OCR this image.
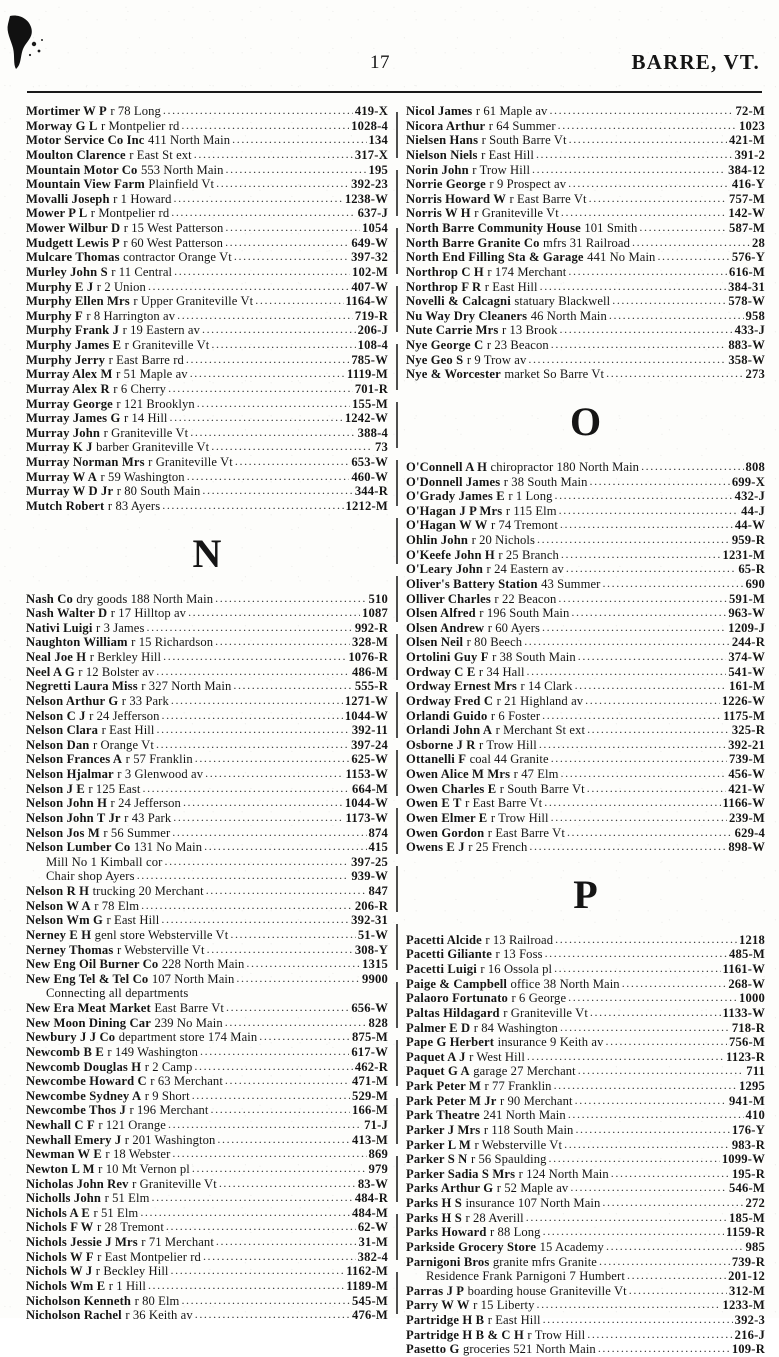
17	BARRE, VT.
Mortimer W P r 78 Long .....	419-X
Morway G L r Montpelier rd .....	1028-4
Motor Service Co Inc 411 North Main .....	134
Moulton Clarence r East St ext .....	317-X
Mountain Motor Co 553 North Main .....	195
Mountain View Farm Plainfield Vt .....	392-23
Movalli Joseph r 1 Howard .....	1238-W
Mower P L r Montpelier rd .....	637-J
Mower Wilbur D r 15 West Patterson .....	1054
Mudgett Lewis P r 60 West Patterson .....	649-W
Mulcare Thomas contractor Orange Vt .....	397-32
Murley John S r 11 Central .....	102-M
Murphy E J r 2 Union .....	407-W
Murphy Ellen Mrs r Upper Graniteville Vt .....	1164-W
Murphy F r 8 Harrington av .....	719-R
Murphy Frank J r 19 Eastern av .....	206-J
Murphy James E r Graniteville Vt .....	108-4
Murphy Jerry r East Barre rd .....	785-W
Murray Alex M r 51 Maple av .....	1119-M
Murray Alex R r 6 Cherry .....	701-R
Murray George r 121 Brooklyn .....	155-M
Murray James G r 14 Hill .....	1242-W
Murray John r Graniteville Vt .....	388-4
Murray K J barber Graniteville Vt .....	73
Murray Norman Mrs r Graniteville Vt .....	653-W
Murray W A r 59 Washington .....	460-W
Murray W D Jr r 80 South Main .....	344-R
Mutch Robert r 83 Ayers .....	1212-M
N
Nash Co dry goods 188 North Main .....	510
Nash Walter D r 17 Hilltop av .....	1087
Nativi Luigi r 3 James .....	992-R
Naughton William r 15 Richardson .....	328-M
Neal Joe H r Berkley Hill .....	1076-R
Neel A G r 12 Bolster av .....	486-M
Negretti Laura Miss r 327 North Main .....	555-R
Nelson Arthur G r 33 Park .....	1271-W
Nelson C J r 24 Jefferson .....	1044-W
Nelson Clara r East Hill .....	392-11
Nelson Dan r Orange Vt .....	397-24
Nelson Frances A r 57 Franklin .....	625-W
Nelson Hjalmar r 3 Glenwood av .....	1153-W
Nelson J E r 125 East .....	664-M
Nelson John H r 24 Jefferson .....	1044-W
Nelson John T Jr r 43 Park .....	1173-W
Nelson Jos M r 56 Summer .....	874
Nelson Lumber Co 131 No Main .....	415
Mill No 1 Kimball cor .....	397-25
Chair shop Ayers .....	939-W
Nelson R H trucking 20 Merchant .....	847
Nelson W A r 78 Elm .....	206-R
Nelson Wm G r East Hill .....	392-31
Nerney E H genl store Websterville Vt .....	51-W
Nerney Thomas r Websterville Vt .....	308-Y
New Eng Oil Burner Co 228 North Main .....	1315
New Eng Tel & Tel Co 107 North Main .....	9900
Connecting all departments
New Era Meat Market East Barre Vt .....	656-W
New Moon Dining Car 239 No Main .....	828
Newbury J J Co department store 174 Main .....	875-M
Newcomb B E r 149 Washington .....	617-W
Newcomb Douglas H r 2 Camp .....	462-R
Newcombe Howard C r 63 Merchant .....	471-M
Newcombe Sydney A r 9 Short .....	529-M
Newcombe Thos J r 196 Merchant .....	166-M
Newhall C F r 121 Orange .....	71-J
Newhall Emery J r 201 Washington .....	413-M
Newman W E r 18 Webster .....	869
Newton L M r 10 Mt Vernon pl .....	979
Nicholas John Rev r Graniteville Vt .....	83-W
Nicholls John r 51 Elm .....	484-R
Nichols A E r 51 Elm .....	484-M
Nichols F W r 28 Tremont .....	62-W
Nichols Jessie J Mrs r 71 Merchant .....	31-M
Nichols W F r East Montpelier rd .....	382-4
Nichols W J r Beckley Hill .....	1162-M
Nichols Wm E r 1 Hill .....	1189-M
Nicholson Kenneth r 80 Elm .....	545-M
Nicholson Rachel r 36 Keith av .....	476-M
Nicol James r 61 Maple av .....	72-M
Nicora Arthur r 64 Summer .....	1023
Nielsen Hans r South Barre Vt .....	421-M
Nielson Niels r East Hill .....	391-2
Norin John r Trow Hill .....	384-12
Norrie George r 9 Prospect av .....	416-Y
Norris Howard W r East Barre Vt .....	757-M
Norris W H r Graniteville Vt .....	142-W
North Barre Community House 101 Smith .....	587-M
North Barre Granite Co mfrs 31 Railroad .....	28
North End Filling Sta & Garage 441 No Main .....	576-Y
Northrop C H r 174 Merchant .....	616-M
Northrop F R r East Hill .....	384-31
Novelli & Calcagni statuary Blackwell .....	578-W
Nu Way Dry Cleaners 46 North Main .....	958
Nute Carrie Mrs r 13 Brook .....	433-J
Nye George C r 23 Beacon .....	883-W
Nye Geo S r 9 Trow av .....	358-W
Nye & Worcester market So Barre Vt .....	273
O
O'Connell A H chiropractor 180 North Main .....	808
O'Donnell James r 38 South Main .....	699-X
O'Grady James E r 1 Long .....	432-J
O'Hagan J P Mrs r 115 Elm .....	44-J
O'Hagan W W r 74 Tremont .....	44-W
Ohlin John r 20 Nichols .....	959-R
O'Keefe John H r 25 Branch .....	1231-M
O'Leary John r 24 Eastern av .....	65-R
Oliver's Battery Station 43 Summer .....	690
Olliver Charles r 22 Beacon .....	591-M
Olsen Alfred r 196 South Main .....	963-W
Olsen Andrew r 60 Ayers .....	1209-J
Olsen Neil r 80 Beech .....	244-R
Ortolini Guy F r 38 South Main .....	374-W
Ordway C E r 34 Hall .....	541-W
Ordway Ernest Mrs r 14 Clark .....	161-M
Ordway Fred C r 21 Highland av .....	1226-W
Orlandi Guido r 6 Foster .....	1175-M
Orlandi John A r Merchant St ext .....	325-R
Osborne J R r Trow Hill .....	392-21
Ottanelli F coal 44 Granite .....	739-M
Owen Alice M Mrs r 47 Elm .....	456-W
Owen Charles E r South Barre Vt .....	421-W
Owen E T r East Barre Vt .....	1166-W
Owen Elmer E r Trow Hill .....	239-M
Owen Gordon r East Barre Vt .....	629-4
Owens E J r 25 French .....	898-W
P
Pacetti Alcide r 13 Railroad .....	1218
Pacetti Giliante r 13 Foss .....	485-M
Pacetti Luigi r 16 Ossola pl .....	1161-W
Paige & Campbell office 38 North Main .....	268-W
Palaoro Fortunato r 6 George .....	1000
Paltas Hildagard r Graniteville Vt .....	1133-W
Palmer E D r 84 Washington .....	718-R
Pape G Herbert insurance 9 Keith av .....	756-M
Paquet A J r West Hill .....	1123-R
Paquet G A garage 27 Merchant .....	711
Park Peter M r 77 Franklin .....	1295
Park Peter M Jr r 90 Merchant .....	941-M
Park Theatre 241 North Main .....	410
Parker J Mrs r 118 South Main .....	176-Y
Parker L M r Websterville Vt .....	983-R
Parker S N r 56 Spaulding .....	1099-W
Parker Sadia S Mrs r 124 North Main .....	195-R
Parks Arthur G r 52 Maple av .....	546-M
Parks H S insurance 107 North Main .....	272
Parks H S r 28 Averill .....	185-M
Parks Howard r 88 Long .....	1159-R
Parkside Grocery Store 15 Academy .....	985
Parnigoni Bros granite mfrs Granite .....	739-R
Residence Frank Parnigoni 7 Humbert .....	201-12
Parras J P boarding house Graniteville Vt .....	312-M
Parry W W r 15 Liberty .....	1233-M
Partridge H B r East Hill .....	392-3
Partridge H B & C H r Trow Hill .....	216-J
Pasetto G groceries 521 North Main .....	109-R
